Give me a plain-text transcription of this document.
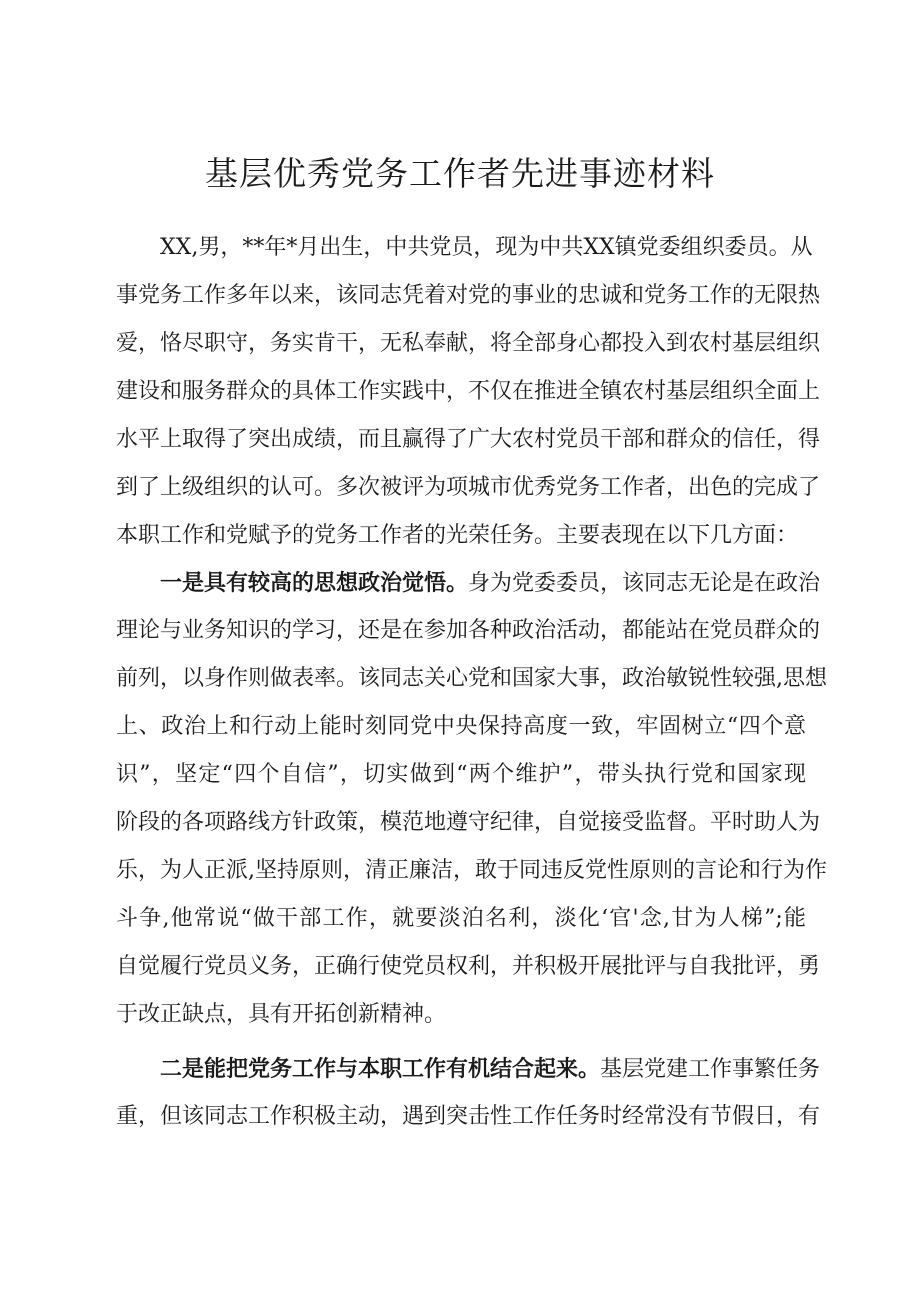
基层优秀党务工作者先进事迹材料

XX,男，**年*月出生，中共党员，现为中共XX镇党委组织委员。从

事党务工作多年以来，该同志凭着对党的事业的忠诚和党务工作的无限热

爱，恪尽职守，务实肯干，无私奉献，将全部身心都投入到农村基层组织

建设和服务群众的具体工作实践中，不仅在推进全镇农村基层组织全面上

水平上取得了突出成绩，而且赢得了广大农村党员干部和群众的信任，得

到了上级组织的认可。多次被评为项城市优秀党务工作者，出色的完成了

本职工作和党赋予的党务工作者的光荣任务。主要表现在以下几方面：

一是具有较高的思想政治觉悟。身为党委委员，该同志无论是在政治

理论与业务知识的学习，还是在参加各种政治活动，都能站在党员群众的

前列，以身作则做表率。该同志关心党和国家大事，政治敏锐性较强,思想

上、政治上和行动上能时刻同党中央保持高度一致，牢固树立“四个意

识”，坚定“四个自信”，切实做到“两个维护”，带头执行党和国家现

阶段的各项路线方针政策，模范地遵守纪律，自觉接受监督。平时助人为

乐，为人正派,坚持原则，清正廉洁，敢于同违反党性原则的言论和行为作

斗争,他常说“做干部工作，就要淡泊名利，淡化‘官'念,甘为人梯”;能

自觉履行党员义务，正确行使党员权利，并积极开展批评与自我批评，勇

于改正缺点，具有开拓创新精神。

二是能把党务工作与本职工作有机结合起来。基层党建工作事繁任务

重，但该同志工作积极主动，遇到突击性工作任务时经常没有节假日，有
